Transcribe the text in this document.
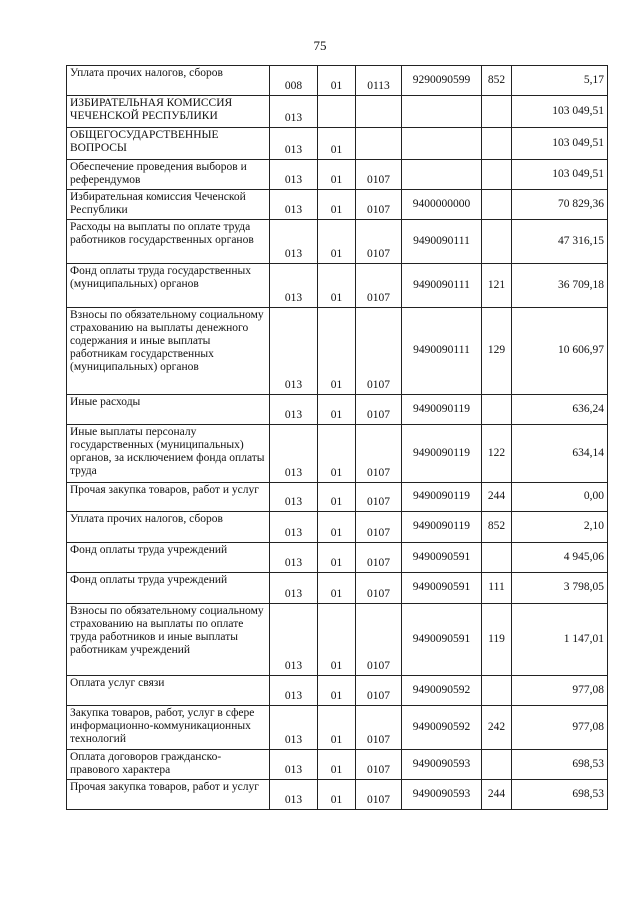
75
Уплата прочих налогов, сборов	008	01	0113	9290090599	852	5,17
ИЗБИРАТЕЛЬНАЯ КОМИССИЯ ЧЕЧЕНСКОЙ РЕСПУБЛИКИ	013					103 049,51
ОБЩЕГОСУДАРСТВЕННЫЕ ВОПРОСЫ	013	01				103 049,51
Обеспечение проведения выборов и референдумов	013	01	0107			103 049,51
Избирательная комиссия Чеченской Республики	013	01	0107	9400000000		70 829,36
Расходы на выплаты по оплате труда работников государственных органов	013	01	0107	9490090111		47 316,15
Фонд оплаты труда государственных (муниципальных) органов	013	01	0107	9490090111	121	36 709,18
Взносы по обязательному социальному страхованию на выплаты денежного содержания и иные выплаты работникам государственных (муниципальных) органов	013	01	0107	9490090111	129	10 606,97
Иные расходы	013	01	0107	9490090119		636,24
Иные выплаты персоналу государственных (муниципальных) органов, за исключением фонда оплаты труда	013	01	0107	9490090119	122	634,14
Прочая закупка товаров, работ и услуг	013	01	0107	9490090119	244	0,00
Уплата прочих налогов, сборов	013	01	0107	9490090119	852	2,10
Фонд оплаты труда учреждений	013	01	0107	9490090591		4 945,06
Фонд оплаты труда учреждений	013	01	0107	9490090591	111	3 798,05
Взносы по обязательному социальному страхованию на выплаты по оплате труда работников и иные выплаты работникам учреждений	013	01	0107	9490090591	119	1 147,01
Оплата услуг связи	013	01	0107	9490090592		977,08
Закупка товаров, работ, услуг в сфере информационно-коммуникационных технологий	013	01	0107	9490090592	242	977,08
Оплата договоров гражданско-правового характера	013	01	0107	9490090593		698,53
Прочая закупка товаров, работ и услуг	013	01	0107	9490090593	244	698,53
